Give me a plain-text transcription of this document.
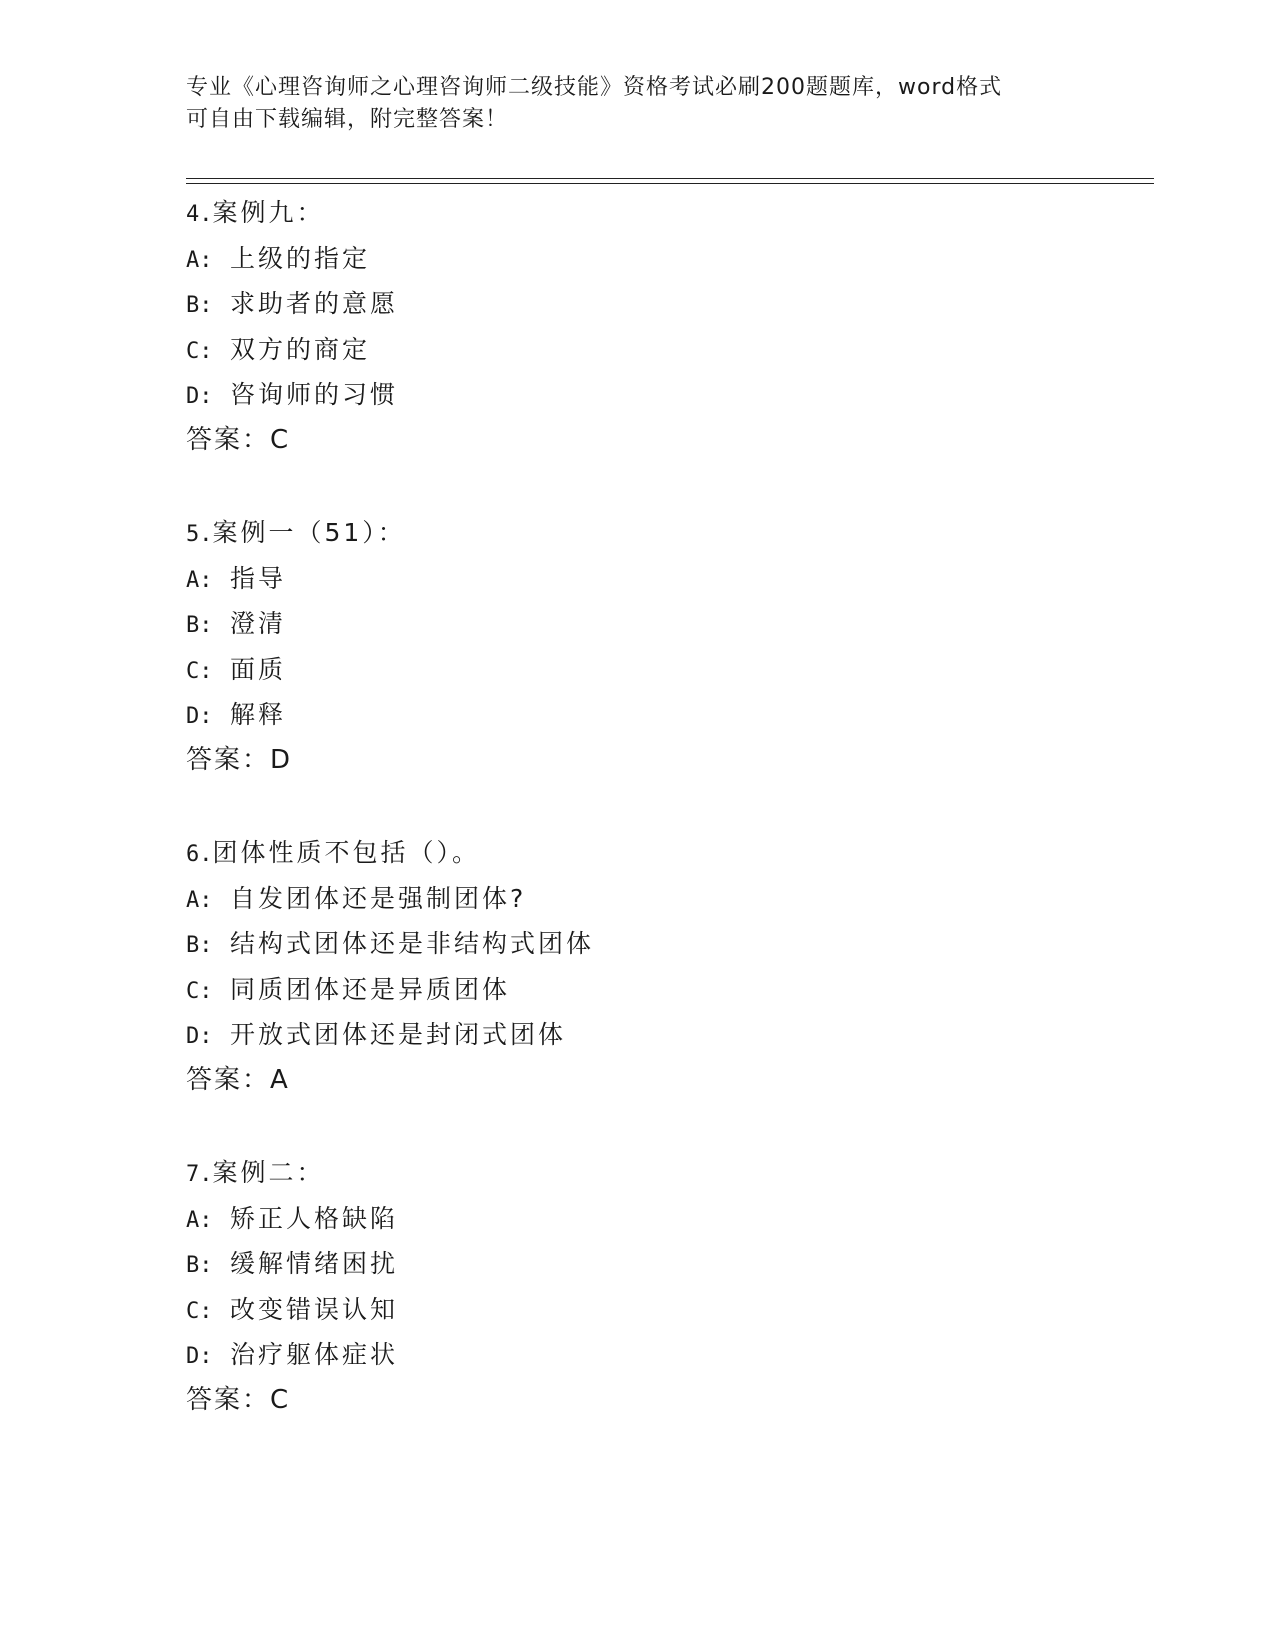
专业《心理咨询师之心理咨询师二级技能》资格考试必刷200题题库，word格式
可自由下载编辑，附完整答案！
4.案例九：
A: 上级的指定
B: 求助者的意愿
C: 双方的商定
D: 咨询师的习惯
答案：C
5.案例一（51）：
A: 指导
B: 澄清
C: 面质
D: 解释
答案：D
6.团体性质不包括（）。
A: 自发团体还是强制团体?
B: 结构式团体还是非结构式团体
C: 同质团体还是异质团体
D: 开放式团体还是封闭式团体
答案：A
7.案例二：
A: 矫正人格缺陷
B: 缓解情绪困扰
C: 改变错误认知
D: 治疗躯体症状
答案：C
